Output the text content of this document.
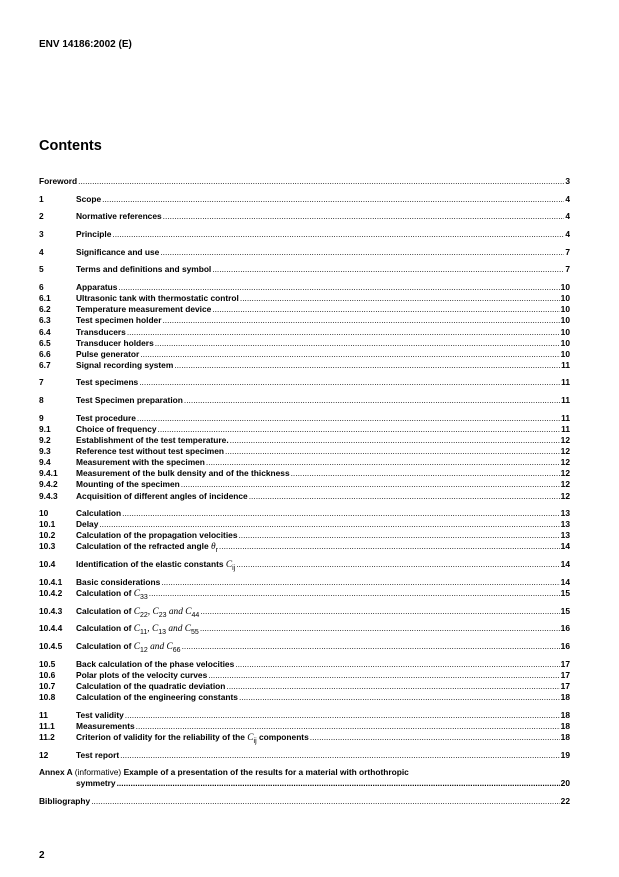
ENV 14186:2002 (E)
Contents
Foreword .....	3
1	Scope .....	4
2	Normative references .....	4
3	Principle .....	4
4	Significance and use .....	7
5	Terms and definitions and symbol .....	7
6	Apparatus .....	10
6.1	Ultrasonic tank with thermostatic control .....	10
6.2	Temperature measurement device .....	10
6.3	Test specimen holder .....	10
6.4	Transducers .....	10
6.5	Transducer holders .....	10
6.6	Pulse generator .....	10
6.7	Signal recording system .....	11
7	Test specimens .....	11
8	Test Specimen preparation .....	11
9	Test procedure .....	11
9.1	Choice of frequency .....	11
9.2	Establishment of the test temperature. .....	12
9.3	Reference test without test specimen .....	12
9.4	Measurement with the specimen .....	12
9.4.1	Measurement of the bulk density and of the thickness .....	12
9.4.2	Mounting of the specimen .....	12
9.4.3	Acquisition of different angles of incidence .....	12
10	Calculation .....	13
10.1	Delay .....	13
10.2	Calculation of the propagation velocities .....	13
10.3	Calculation of the refracted angle $\theta_r$ .....	14
10.4	Identification of the elastic constants $C_{ij}$ .....	14
10.4.1	Basic considerations .....	14
10.4.2	Calculation of $C_{33}$ .....	15
10.4.3	Calculation of $C_{22}$, $C_{23}$ and $C_{44}$ .....	15
10.4.4	Calculation of $C_{11}$, $C_{13}$ and $C_{55}$ .....	16
10.4.5	Calculation of $C_{12}$ and $C_{66}$ .....	16
10.5	Back calculation of the phase velocities .....	17
10.6	Polar plots of the velocity curves .....	17
10.7	Calculation of the quadratic deviation .....	17
10.8	Calculation of the engineering constants .....	18
11	Test validity .....	18
11.1	Measurements .....	18
11.2	Criterion of validity for the reliability of the $C_{ij}$ components .....	18
12	Test report .....	19
Annex A (informative) Example of a presentation of the results for a material with orthothropic
symmetry .....	20
Bibliography .....	22
2
